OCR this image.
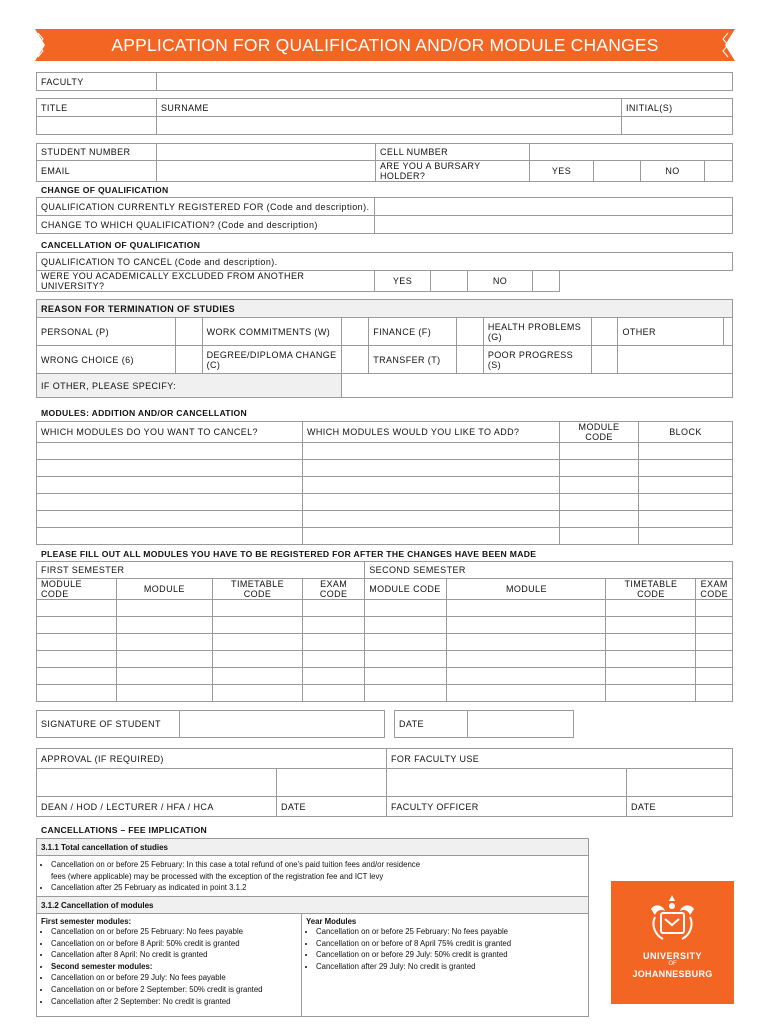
APPLICATION FOR QUALIFICATION AND/OR MODULE CHANGES
FACULTY	
TITLE	SURNAME	INITIAL(S)

STUDENT NUMBER		CELL NUMBER				
EMAIL		ARE YOU A BURSARY HOLDER?	YES		NO	
CHANGE OF QUALIFICATION
QUALIFICATION CURRENTLY REGISTERED FOR (Code and description).	
CHANGE TO WHICH QUALIFICATION? (Code and description)	
CANCELLATION OF QUALIFICATION
QUALIFICATION TO CANCEL (Code and description).
WERE YOU ACADEMICALLY EXCLUDED FROM ANOTHER UNIVERSITY?	YES		NO		
REASON FOR TERMINATION OF STUDIES									
PERSONAL (P)		WORK COMMITMENTS (W)		FINANCE (F)		HEALTH PROBLEMS (G)		OTHER	
WRONG CHOICE (6)		DEGREE/DIPLOMA CHANGE (C)		TRANSFER (T)		POOR PROGRESS (S)			
IF OTHER, PLEASE SPECIFY:									
MODULES: ADDITION AND/OR CANCELLATION
WHICH MODULES DO YOU WANT TO CANCEL?	WHICH MODULES WOULD YOU LIKE TO ADD?	MODULE CODE	BLOCK

PLEASE FILL OUT ALL MODULES YOU HAVE TO BE REGISTERED FOR AFTER THE CHANGES HAVE BEEN MADE
FIRST SEMESTER				SECOND SEMESTER			
MODULE CODE	MODULE	TIMETABLE CODE	EXAM CODE	MODULE CODE	MODULE	TIMETABLE CODE	EXAM CODE

SIGNATURE OF STUDENT		DATE	
APPROVAL (IF REQUIRED)		FOR FACULTY USE	

DEAN / HOD / LECTURER / HFA / HCA	DATE	FACULTY OFFICER	DATE
CANCELLATIONS – FEE IMPLICATION
3.1.1 Total cancellation of studies

• Cancellation on or before 25 February: In this case a total refund of one's paid tuition fees and/or residence
fees (where applicable) may be processed with the exception of the registration fee and ICT levy
• Cancellation after 25 February as indicated in point 3.1.2

3.1.2 Cancellation of modules

First semester modules:
• Cancellation on or before 25 February: No fees payable
• Cancellation on or before 8 April: 50% credit is granted
• Cancellation after 8 April: No credit is granted
• Second semester modules:
• Cancellation on or before 29 July: No fees payable
• Cancellation on or before 2 September: 50% credit is granted
• Cancellation after 2 September: No credit is granted

Year Modules
• Cancellation on or before 25 February: No fees payable
• Cancellation on or before of 8 April 75% credit is granted
• Cancellation on or before 29 July: 50% credit is granted
• Cancellation after 29 July: No credit is granted
UNIVERSITY
OF
JOHANNESBURG
